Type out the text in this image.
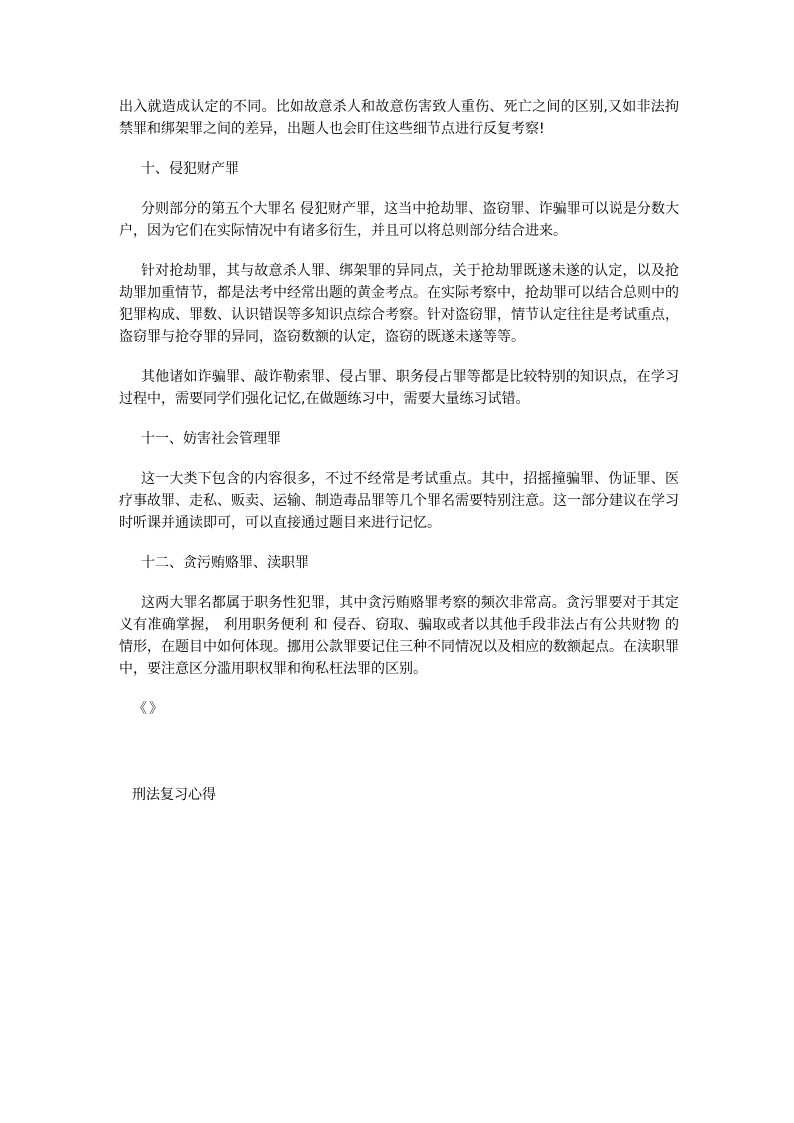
出入就造成认定的不同。比如故意杀人和故意伤害致人重伤、死亡之间的区别,又如非法拘禁罪和绑架罪之间的差异，出题人也会盯住这些细节点进行反复考察!

十、侵犯财产罪

分则部分的第五个大罪名 侵犯财产罪，这当中抢劫罪、盗窃罪、诈骗罪可以说是分数大户，因为它们在实际情况中有诸多衍生，并且可以将总则部分结合进来。

针对抢劫罪，其与故意杀人罪、绑架罪的异同点，关于抢劫罪既遂未遂的认定，以及抢劫罪加重情节，都是法考中经常出题的黄金考点。在实际考察中，抢劫罪可以结合总则中的犯罪构成、罪数、认识错误等多知识点综合考察。针对盗窃罪，情节认定往往是考试重点，盗窃罪与抢夺罪的异同，盗窃数额的认定，盗窃的既遂未遂等等。

其他诸如诈骗罪、敲诈勒索罪、侵占罪、职务侵占罪等都是比较特别的知识点，在学习过程中，需要同学们强化记忆,在做题练习中，需要大量练习试错。

十一、妨害社会管理罪

这一大类下包含的内容很多，不过不经常是考试重点。其中，招摇撞骗罪、伪证罪、医疗事故罪、走私、贩卖、运输、制造毒品罪等几个罪名需要特别注意。这一部分建议在学习时听课并通读即可，可以直接通过题目来进行记忆。

十二、贪污贿赂罪、渎职罪

这两大罪名都属于职务性犯罪，其中贪污贿赂罪考察的频次非常高。贪污罪要对于其定义有准确掌握， 利用职务便利 和 侵吞、窃取、骗取或者以其他手段非法占有公共财物 的情形，在题目中如何体现。挪用公款罪要记住三种不同情况以及相应的数额起点。在渎职罪中，要注意区分滥用职权罪和徇私枉法罪的区别。

《》

刑法复习心得
